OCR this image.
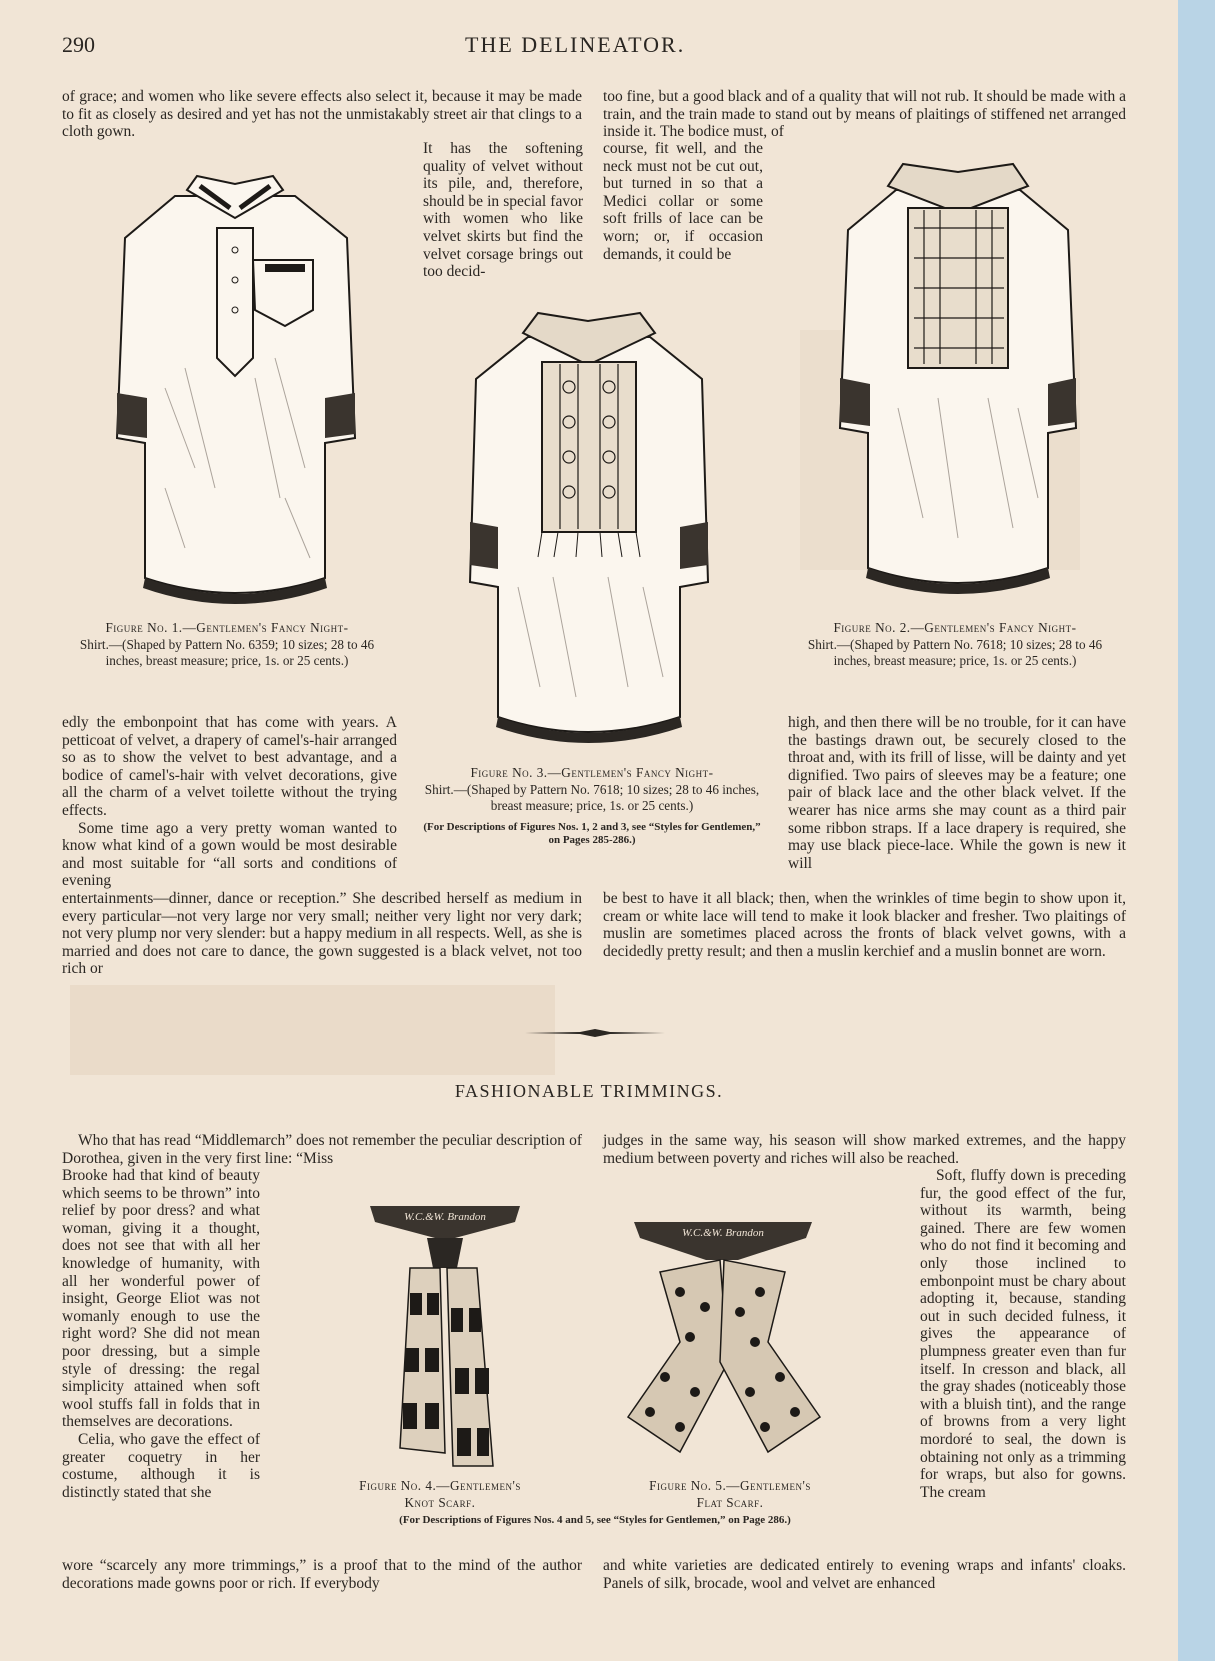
290	THE DELINEATOR.

of grace; and women who like severe effects also select it, because it may be made to fit as closely as desired and yet has not the unmistakably street air that clings to a cloth gown.

It has the softening quality of velvet without its pile, and, therefore, should be in special favor with women who like velvet skirts but find the velvet corsage brings out too decid-

too fine, but a good black and of a quality that will not rub. It should be made with a train, and the train made to stand out by means of plaitings of stiffened net arranged inside it. The bodice must, of

course, fit well, and the neck must not be cut out, but turned in so that a Medici collar or some soft frills of lace can be worn; or, if occasion demands, it could be

Figure No. 1.—Gentlemen's Fancy Night-
Shirt.—(Shaped by Pattern No. 6359; 10 sizes; 28 to 46 inches, breast measure; price, 1s. or 25 cents.)
Figure No. 2.—Gentlemen's Fancy Night-
Shirt.—(Shaped by Pattern No. 7618; 10 sizes; 28 to 46 inches, breast measure; price, 1s. or 25 cents.)
Figure No. 3.—Gentlemen's Fancy Night-
Shirt.—(Shaped by Pattern No. 7618; 10 sizes; 28 to 46 inches, breast measure; price, 1s. or 25 cents.)
(For Descriptions of Figures Nos. 1, 2 and 3, see “Styles for Gentlemen,” on Pages 285-286.)

edly the embonpoint that has come with years. A petticoat of velvet, a drapery of camel's-hair arranged so as to show the velvet to best advantage, and a bodice of camel's-hair with velvet decorations, give all the charm of a velvet toilette without the trying effects.

Some time ago a very pretty woman wanted to know what kind of a gown would be most desirable and most suitable for “all sorts and conditions of evening

high, and then there will be no trouble, for it can have the bastings drawn out, be securely closed to the throat and, with its frill of lisse, will be dainty and yet dignified. Two pairs of sleeves may be a feature; one pair of black lace and the other black velvet. If the wearer has nice arms she may count as a third pair some ribbon straps. If a lace drapery is required, she may use black piece-lace. While the gown is new it will

entertainments—dinner, dance or reception.” She described herself as medium in every particular—not very large nor very small; neither very light nor very dark; not very plump nor very slender: but a happy medium in all respects. Well, as she is married and does not care to dance, the gown suggested is a black velvet, not too rich or

be best to have it all black; then, when the wrinkles of time begin to show upon it, cream or white lace will tend to make it look blacker and fresher. Two plaitings of muslin are sometimes placed across the fronts of black velvet gowns, with a decidedly pretty result; and then a muslin kerchief and a muslin bonnet are worn.

FASHIONABLE TRIMMINGS.

Who that has read “Middlemarch” does not remember the peculiar description of Dorothea, given in the very first line: “Miss

Brooke had that kind of beauty which seems to be thrown” into relief by poor dress? and what woman, giving it a thought, does not see that with all her knowledge of humanity, with all her wonderful power of insight, George Eliot was not womanly enough to use the right word? She did not mean poor dressing, but a simple style of dressing: the regal simplicity attained when soft wool stuffs fall in folds that in themselves are decorations.

Celia, who gave the effect of greater coquetry in her costume, although it is distinctly stated that she

wore “scarcely any more trimmings,” is a proof that to the mind of the author decorations made gowns poor or rich. If everybody

judges in the same way, his season will show marked extremes, and the happy medium between poverty and riches will also be reached.

Soft, fluffy down is preceding fur, the good effect of the fur, without its warmth, being gained. There are few women who do not find it becoming and only those inclined to embonpoint must be chary about adopting it, because, standing out in such decided fulness, it gives the appearance of plumpness greater even than fur itself. In cresson and black, all the gray shades (noticeably those with a bluish tint), and the range of browns from a very light mordoré to seal, the down is obtaining not only as a trimming for wraps, but also for gowns. The cream

and white varieties are dedicated entirely to evening wraps and infants' cloaks. Panels of silk, brocade, wool and velvet are enhanced

W.C.&W. Brandon
W.C.&W. Brandon
Figure No. 4.—Gentlemen's
Knot Scarf.
Figure No. 5.—Gentlemen's
Flat Scarf.
(For Descriptions of Figures Nos. 4 and 5, see “Styles for Gentlemen,” on Page 286.)
